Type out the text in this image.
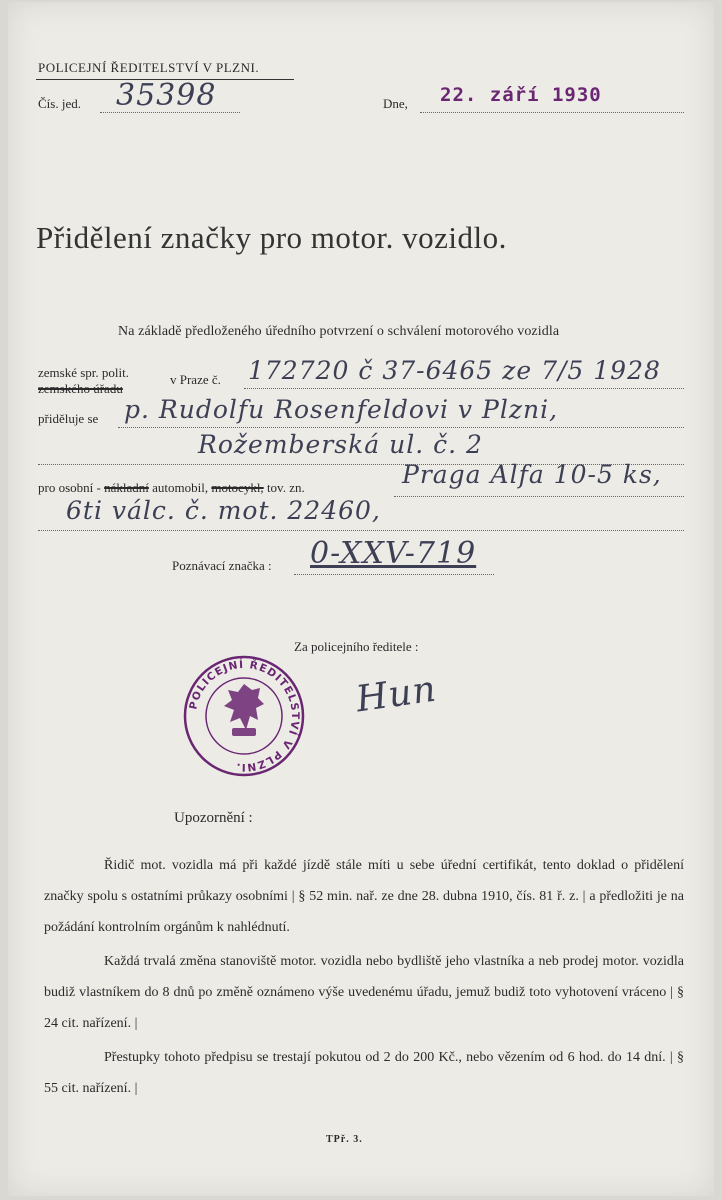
POLICEJNÍ ŘEDITELSTVÍ V PLZNI.
Čís. jed. 35398	Dne, 22. září 1930
Přidělení značky pro motor. vozidlo.
Na základě předloženého úředního potvrzení o schválení motorového vozidla
zemské spr. polit.
zemského úřadu
v Praze č. 172720 č 37-6465 ze 7/5 1928
přiděluje se p. Rudolfu Rosenfeldovi v Plzni,
Rožemberská ul. č. 2
pro osobní - nákladní automobil, motocykl, tov. zn.	Praga Alfa 10-5 ks,
6ti válc. č. mot. 22460,
Poznávací značka : 0-XXV-719
Za policejního ředitele :
Hun
POLICEJNÍ ŘEDITELSTVÍ V PLZNI.
Upozornění :
Řidič mot. vozidla má při každé jízdě stále míti u sebe úřední certifikát, tento doklad o přidělení značky spolu s ostatními průkazy osobními | § 52 min. nař. ze dne 28. dubna 1910, čís. 81 ř. z. | a předložiti je na požádání kontrolním orgánům k nahlédnutí.
Každá trvalá změna stanoviště motor. vozidla nebo bydliště jeho vlastníka a neb prodej motor. vozidla budiž vlastníkem do 8 dnů po změně oznámeno výše uvedenému úřadu, jemuž budiž toto vyhotovení vráceno | § 24 cit. nařízení. |
Přestupky tohoto předpisu se trestají pokutou od 2 do 200 Kč., nebo vězením od 6 hod. do 14 dní. | § 55 cit. nařízení. |
TPř. 3.
